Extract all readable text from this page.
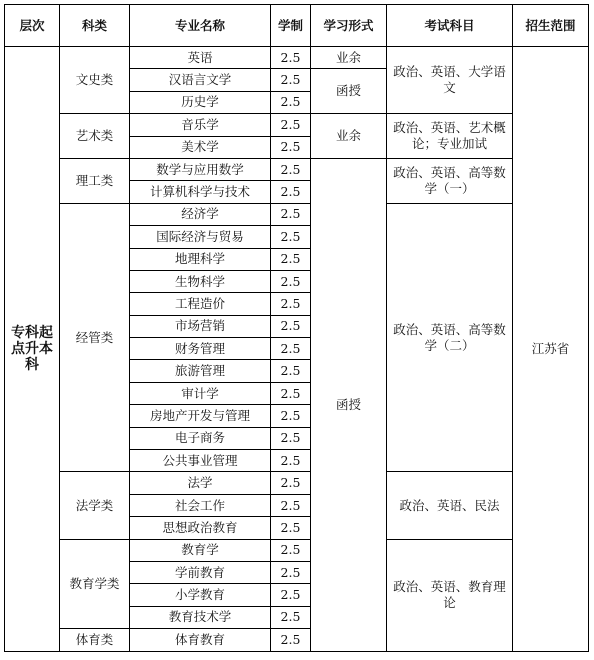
层次	科类	专业名称	学制	学习形式	考试科目	招生范围
专科起点升本科	文史类	英语	2.5	业余	政治、英语、大学语文	江苏省
		汉语言文学	2.5	函授		
		历史学	2.5			
	艺术类	音乐学	2.5	业余	政治、英语、艺术概论；专业加试	
		美术学	2.5			
	理工类	数学与应用数学	2.5	函授	政治、英语、高等数学（一）	
		计算机科学与技术	2.5			
	经管类	经济学	2.5		政治、英语、高等数学（二）	
		国际经济与贸易	2.5			
		地理科学	2.5			
		生物科学	2.5			
		工程造价	2.5			
		市场营销	2.5			
		财务管理	2.5			
		旅游管理	2.5			
		审计学	2.5			
		房地产开发与管理	2.5			
		电子商务	2.5			
		公共事业管理	2.5			
	法学类	法学	2.5		政治、英语、民法	
		社会工作	2.5			
		思想政治教育	2.5			
	教育学类	教育学	2.5		政治、英语、教育理论	
		学前教育	2.5			
		小学教育	2.5			
		教育技术学	2.5			
	体育类	体育教育	2.5			
